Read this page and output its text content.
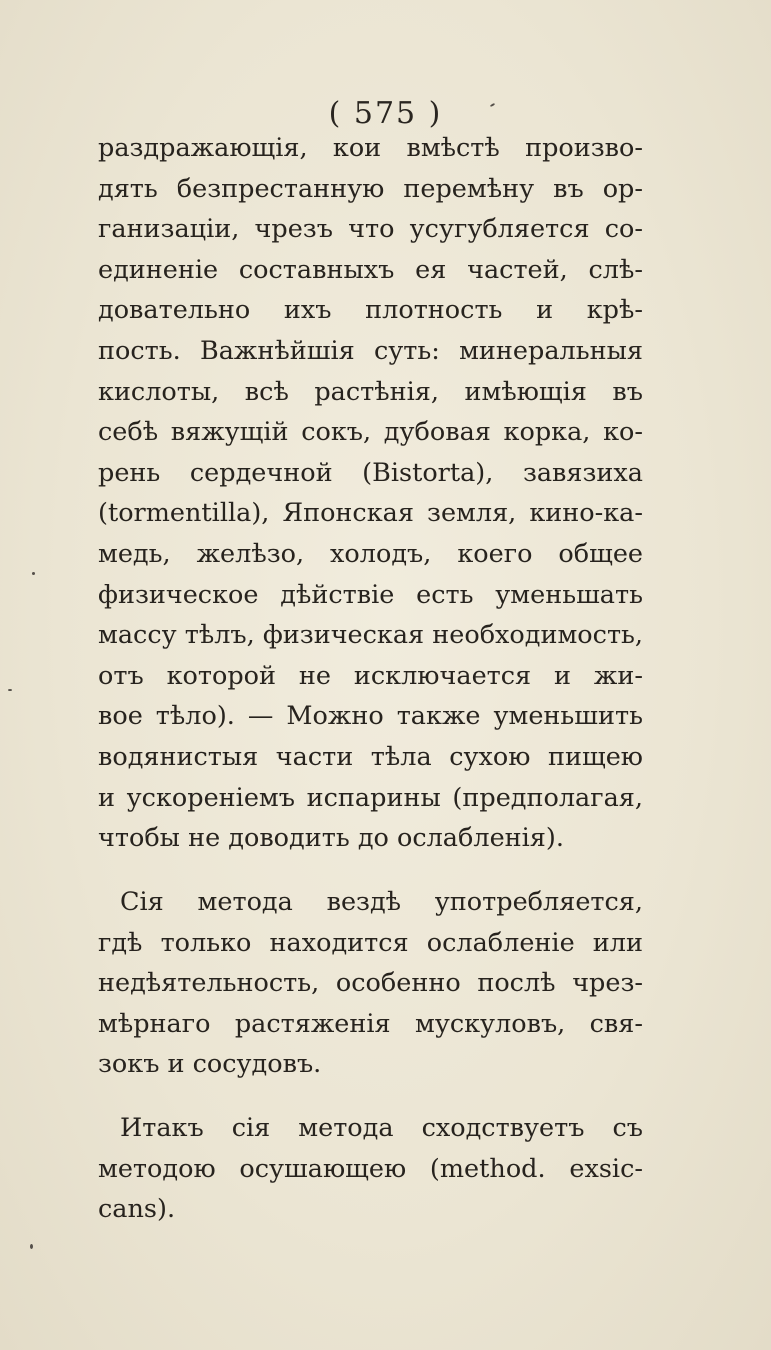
( 575 )
раздражающія, кои вмѣстѣ произво-
дять безпрестанную перемѣну въ ор-
ганизаціи, чрезъ что усугубляется со-
единеніе составныхъ ея частей, слѣ-
довательно ихъ плотность и крѣ-
пость. Важнѣйшія суть: минеральныя
кислоты, всѣ растѣнія, имѣющія въ
себѣ вяжущій сокъ, дубовая корка, ко-
рень сердечной (Bistorta), завязиха
(tormentilla), Японская земля, кино-ка-
медь, желѣзо, холодъ, коего общее
физическое дѣйствіе есть уменьшать
массу тѣлъ, физическая необходимость,
отъ которой не исключается и жи-
вое тѣло). — Можно также уменьшить
водянистыя части тѣла сухою пищею
и ускореніемъ испарины (предполагая,
чтобы не доводить до ослабленія).
Сія метода вездѣ употребляется,
гдѣ только находится ослабленіе или
недѣятельность, особенно послѣ чрез-
мѣрнаго растяженія мускуловъ, свя-
зокъ и сосудовъ.
Итакъ сія метода сходствуетъ съ
методою осушающею (method. exsic-
cans).
